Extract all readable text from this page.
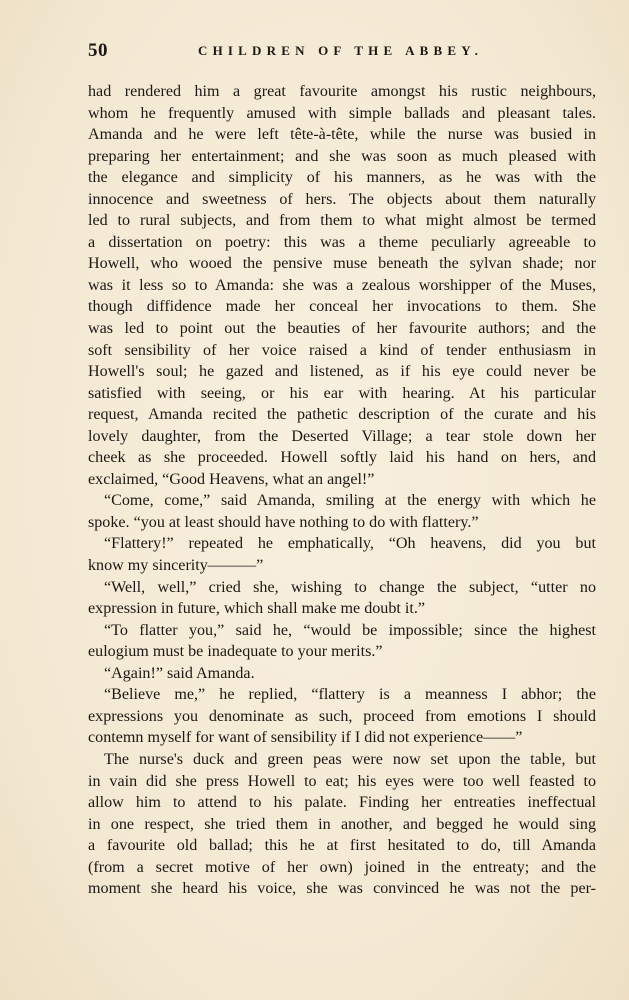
50	CHILDREN OF THE ABBEY.
had rendered him a great favourite amongst his rustic neighbours,
whom he frequently amused with simple ballads and pleasant tales.
Amanda and he were left tête-à-tête, while the nurse was busied in
preparing her entertainment; and she was soon as much pleased with
the elegance and simplicity of his manners, as he was with the
innocence and sweetness of hers. The objects about them naturally
led to rural subjects, and from them to what might almost be termed
a dissertation on poetry: this was a theme peculiarly agreeable to
Howell, who wooed the pensive muse beneath the sylvan shade; nor
was it less so to Amanda: she was a zealous worshipper of the Muses,
though diffidence made her conceal her invocations to them. She
was led to point out the beauties of her favourite authors; and the
soft sensibility of her voice raised a kind of tender enthusiasm in
Howell's soul; he gazed and listened, as if his eye could never be
satisfied with seeing, or his ear with hearing. At his particular
request, Amanda recited the pathetic description of the curate and his
lovely daughter, from the Deserted Village; a tear stole down her
cheek as she proceeded. Howell softly laid his hand on hers, and
exclaimed, “Good Heavens, what an angel!”
“Come, come,” said Amanda, smiling at the energy with which he
spoke. “you at least should have nothing to do with flattery.”
“Flattery!” repeated he emphatically, “Oh heavens, did you but
know my sincerity———”
“Well, well,” cried she, wishing to change the subject, “utter no
expression in future, which shall make me doubt it.”
“To flatter you,” said he, “would be impossible; since the highest
eulogium must be inadequate to your merits.”
“Again!” said Amanda.
“Believe me,” he replied, “flattery is a meanness I abhor; the
expressions you denominate as such, proceed from emotions I should
contemn myself for want of sensibility if I did not experience——”
The nurse's duck and green peas were now set upon the table, but
in vain did she press Howell to eat; his eyes were too well feasted to
allow him to attend to his palate. Finding her entreaties ineffectual
in one respect, she tried them in another, and begged he would sing
a favourite old ballad; this he at first hesitated to do, till Amanda
(from a secret motive of her own) joined in the entreaty; and the
moment she heard his voice, she was convinced he was not the per-
